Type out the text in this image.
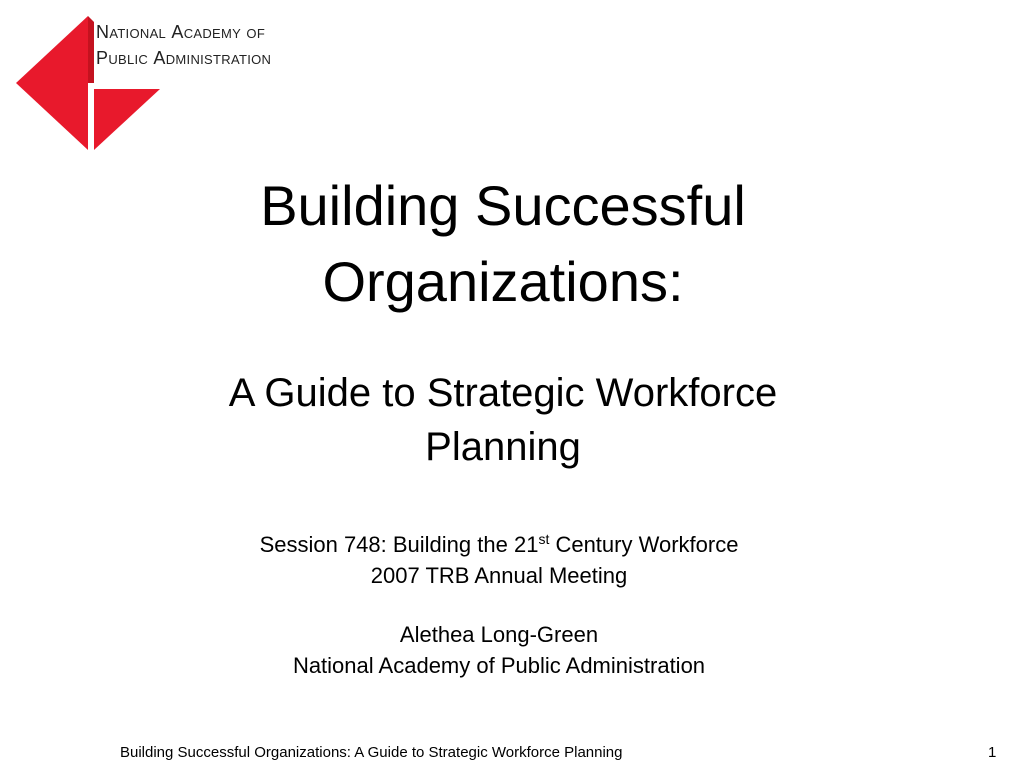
National Academy of
Public Administration
Building Successful
Organizations:
A Guide to Strategic Workforce
Planning
Session 748: Building the 21st Century Workforce
2007 TRB Annual Meeting
Alethea Long-Green
National Academy of Public Administration
Building Successful Organizations: A Guide to Strategic Workforce Planning	1
